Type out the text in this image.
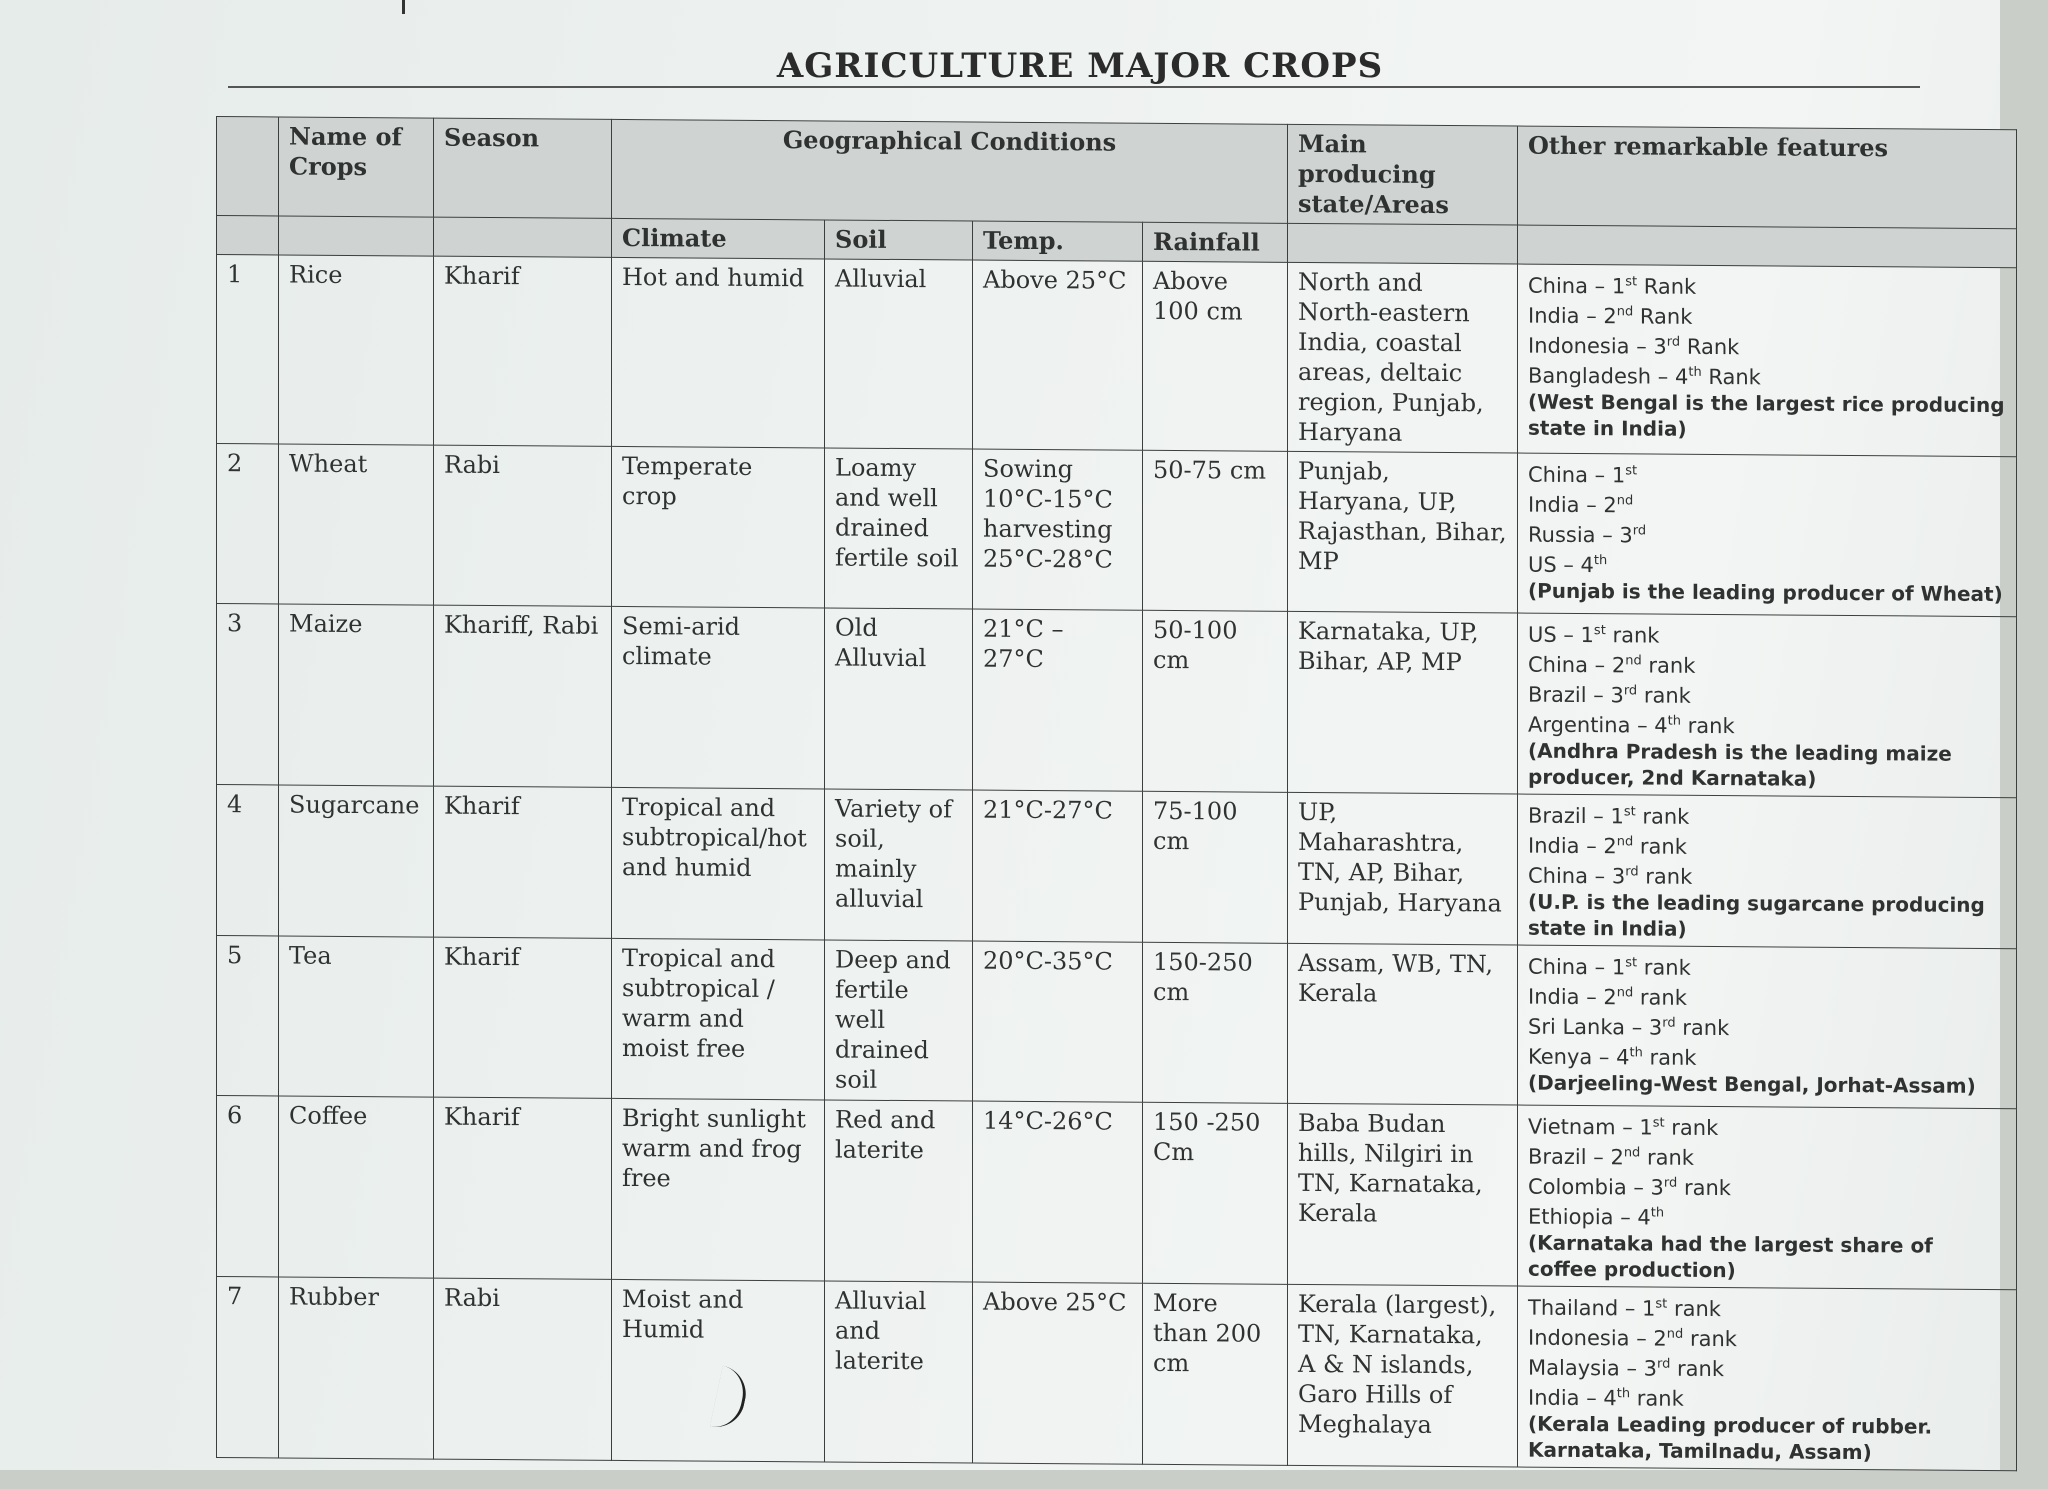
AGRICULTURE MAJOR CROPS
	Name of Crops	Season	Geographical Conditions				Main producing state/Areas	Other remarkable features
			Climate	Soil	Temp.	Rainfall		
1	Rice	Kharif	Hot and humid	Alluvial	Above 25°C	Above 100 cm	North and North-eastern India, coastal areas, deltaic region, Punjab, Haryana	China – 1st Rank
India – 2nd Rank
Indonesia – 3rd Rank
Bangladesh – 4th Rank
(West Bengal is the largest rice producing state in India)

2	Wheat	Rabi	Temperate crop	Loamy and well drained fertile soil	Sowing 10°C-15°C harvesting 25°C-28°C	50-75 cm	Punjab, Haryana, UP, Rajasthan, Bihar, MP	China – 1st
India – 2nd
Russia – 3rd
US – 4th
(Punjab is the leading producer of Wheat)

3	Maize	Khariff, Rabi	Semi-arid climate	Old Alluvial	21°C – 27°C	50-100 cm	Karnataka, UP, Bihar, AP, MP	US – 1st rank
China – 2nd rank
Brazil – 3rd rank
Argentina – 4th rank
(Andhra Pradesh is the leading maize producer, 2nd Karnataka)

4	Sugarcane	Kharif	Tropical and subtropical/hot and humid	Variety of soil, mainly alluvial	21°C-27°C	75-100 cm	UP, Maharashtra, TN, AP, Bihar, Punjab, Haryana	Brazil – 1st rank
India – 2nd rank
China – 3rd rank
(U.P. is the leading sugarcane producing state in India)

5	Tea	Kharif	Tropical and subtropical / warm and moist free	Deep and fertile well drained soil	20°C-35°C	150-250 cm	Assam, WB, TN, Kerala	China – 1st rank
India – 2nd rank
Sri Lanka – 3rd rank
Kenya – 4th rank
(Darjeeling-West Bengal, Jorhat-Assam)

6	Coffee	Kharif	Bright sunlight warm and frog free	Red and laterite	14°C-26°C	150 -250 Cm	Baba Budan hills, Nilgiri in TN, Karnataka, Kerala	Vietnam – 1st rank
Brazil – 2nd rank
Colombia – 3rd rank
Ethiopia – 4th
(Karnataka had the largest share of coffee production)

7	Rubber	Rabi	Moist and Humid	Alluvial and laterite	Above 25°C	More than 200 cm	Kerala (largest), TN, Karnataka, A & N islands, Garo Hills of Meghalaya	Thailand – 1st rank
Indonesia – 2nd rank
Malaysia – 3rd rank
India – 4th rank
(Kerala Leading producer of rubber. Karnataka, Tamilnadu, Assam)
